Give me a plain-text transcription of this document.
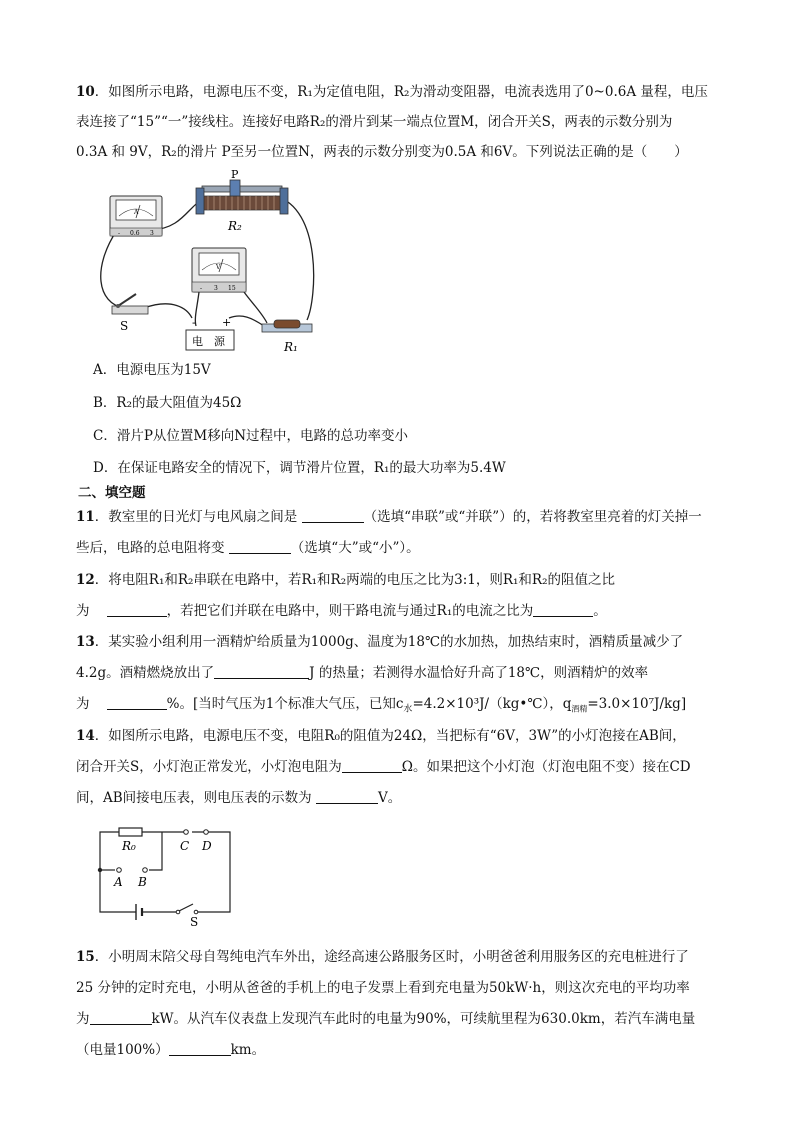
10．如图所示电路，电源电压不变，R₁为定值电阻，R₂为滑动变阻器，电流表选用了0~0.6A 量程，电压
表连接了“15”“一”接线柱。连接好电路R₂的滑片到某一端点位置M，闭合开关S，两表的示数分别为
0.3A 和 9V，R₂的滑片 P至另一位置N，两表的示数分别变为0.5A 和6V。下列说法正确的是（　　）
A
- 0.6 3
P
R₂
V
- 3 15
S	- +
电　源	R₁
A．电源电压为15V
B．R₂的最大阻值为45Ω
C．滑片P从位置M移向N过程中，电路的总功率变小
D．在保证电路安全的情况下，调节滑片位置，R₁的最大功率为5.4W
二、填空题
11．教室里的日光灯与电风扇之间是	（选填“串联”或“并联”）的，若将教室里亮着的灯关掉一
些后，电路的总电阻将变	（选填“大”或“小”）。
12．将电阻R₁和R₂串联在电路中，若R₁和R₂两端的电压之比为3:1，则R₁和R₂的阻值之比
为	，若把它们并联在电路中，则干路电流与通过R₁的电流之比为	。
13．某实验小组利用一酒精炉给质量为1000g、温度为18℃的水加热，加热结束时，酒精质量减少了
4.2g。酒精燃烧放出了	J 的热量；若测得水温恰好升高了18℃，则酒精炉的效率
为	%。[当时气压为1个标准大气压，已知$c_水=4.2\times 10^3J/(kg•℃)$，$q_{酒精}=3.0\times 10^7J/kg$]
14．如图所示电路，电源电压不变，电阻R₀的阻值为24Ω，当把标有“6V，3W”的小灯泡接在AB间，
闭合开关S，小灯泡正常发光，小灯泡电阻为	Ω。如果把这个小灯泡（灯泡电阻不变）接在CD
间，AB间接电压表，则电压表的示数为	V。
R₀	C D
A B
S
15．小明周末陪父母自驾纯电汽车外出，途经高速公路服务区时，小明爸爸利用服务区的充电桩进行了
25 分钟的定时充电，小明从爸爸的手机上的电子发票上看到充电量为50kW·h，则这次充电的平均功率
为	kW。从汽车仪表盘上发现汽车此时的电量为90%，可续航里程为630.0km，若汽车满电量
（电量100%）	km。
